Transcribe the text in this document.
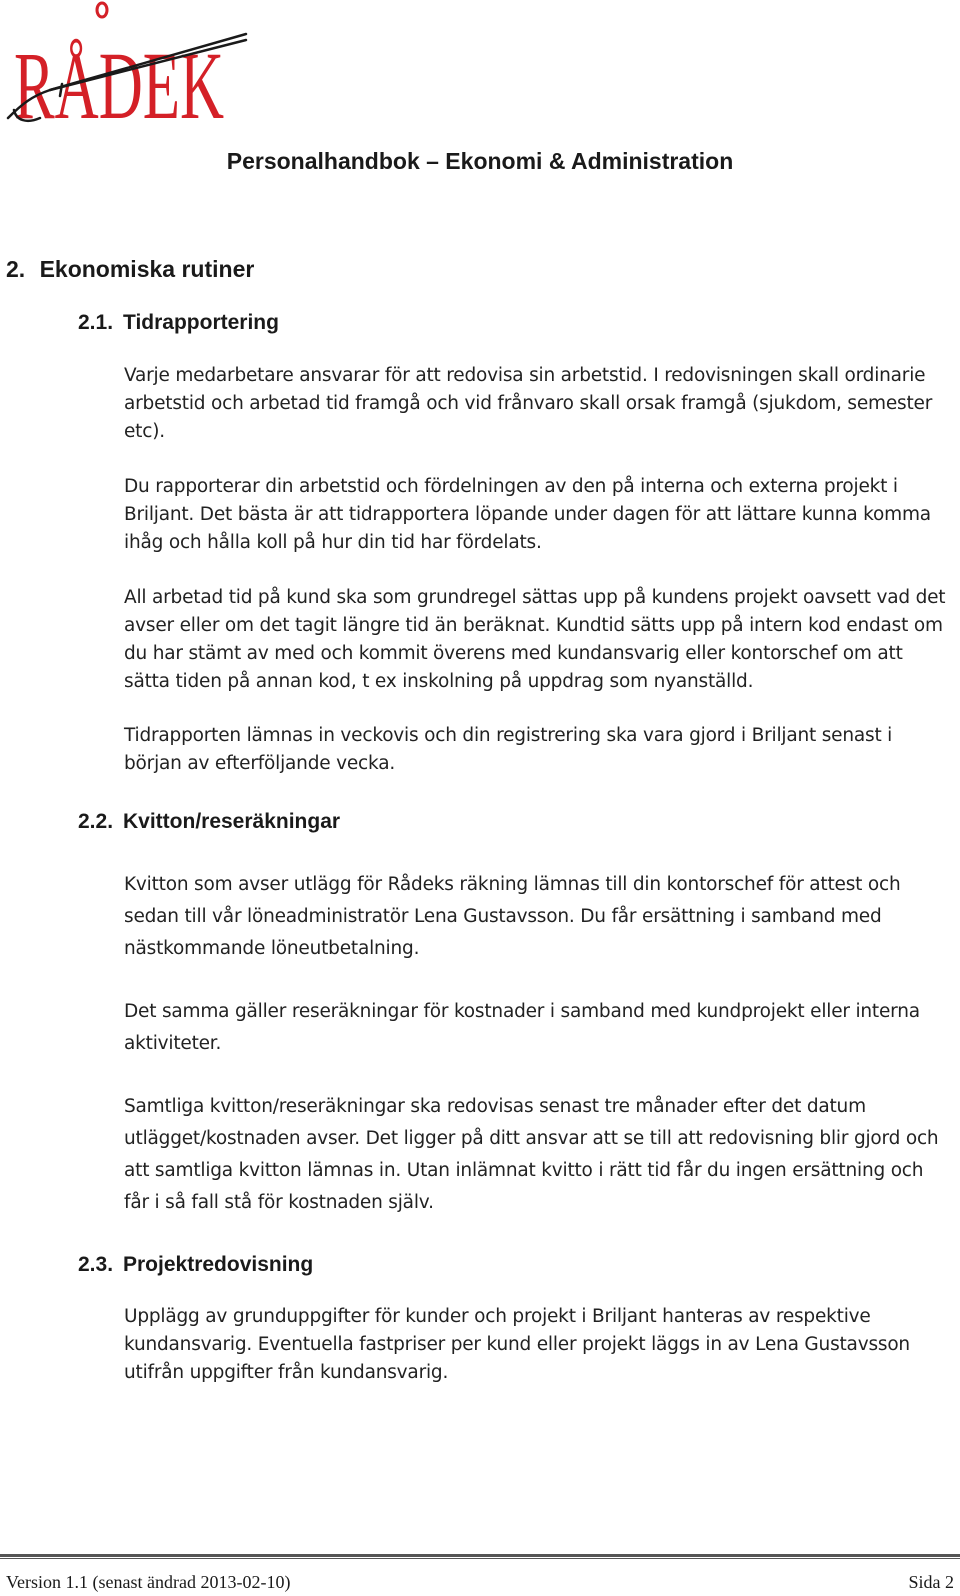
RÅDEK
Personalhandbok – Ekonomi & Administration
2. Ekonomiska rutiner
2.1. Tidrapportering

Varje medarbetare ansvarar för att redovisa sin arbetstid. I redovisningen skall ordinarie arbetstid och arbetad tid framgå och vid frånvaro skall orsak framgå (sjukdom, semester etc).

Du rapporterar din arbetstid och fördelningen av den på interna och externa projekt i Briljant. Det bästa är att tidrapportera löpande under dagen för att lättare kunna komma ihåg och hålla koll på hur din tid har fördelats.

All arbetad tid på kund ska som grundregel sättas upp på kundens projekt oavsett vad det avser eller om det tagit längre tid än beräknat. Kundtid sätts upp på intern kod endast om du har stämt av med och kommit överens med kundansvarig eller kontorschef om att sätta tiden på annan kod, t ex inskolning på uppdrag som nyanställd.

Tidrapporten lämnas in veckovis och din registrering ska vara gjord i Briljant senast i början av efterföljande vecka.

2.2. Kvitton/reseräkningar

Kvitton som avser utlägg för Rådeks räkning lämnas till din kontorschef för attest och sedan till vår löneadministratör Lena Gustavsson. Du får ersättning i samband med nästkommande löneutbetalning.

Det samma gäller reseräkningar för kostnader i samband med kundprojekt eller interna aktiviteter.

Samtliga kvitton/reseräkningar ska redovisas senast tre månader efter det datum utlägget/kostnaden avser. Det ligger på ditt ansvar att se till att redovisning blir gjord och att samtliga kvitton lämnas in. Utan inlämnat kvitto i rätt tid får du ingen ersättning och får i så fall stå för kostnaden själv.

2.3. Projektredovisning

Upplägg av grunduppgifter för kunder och projekt i Briljant hanteras av respektive kundansvarig. Eventuella fastpriser per kund eller projekt läggs in av Lena Gustavsson utifrån uppgifter från kundansvarig.

Version 1.1 (senast ändrad 2013-02-10)	Sida 2
